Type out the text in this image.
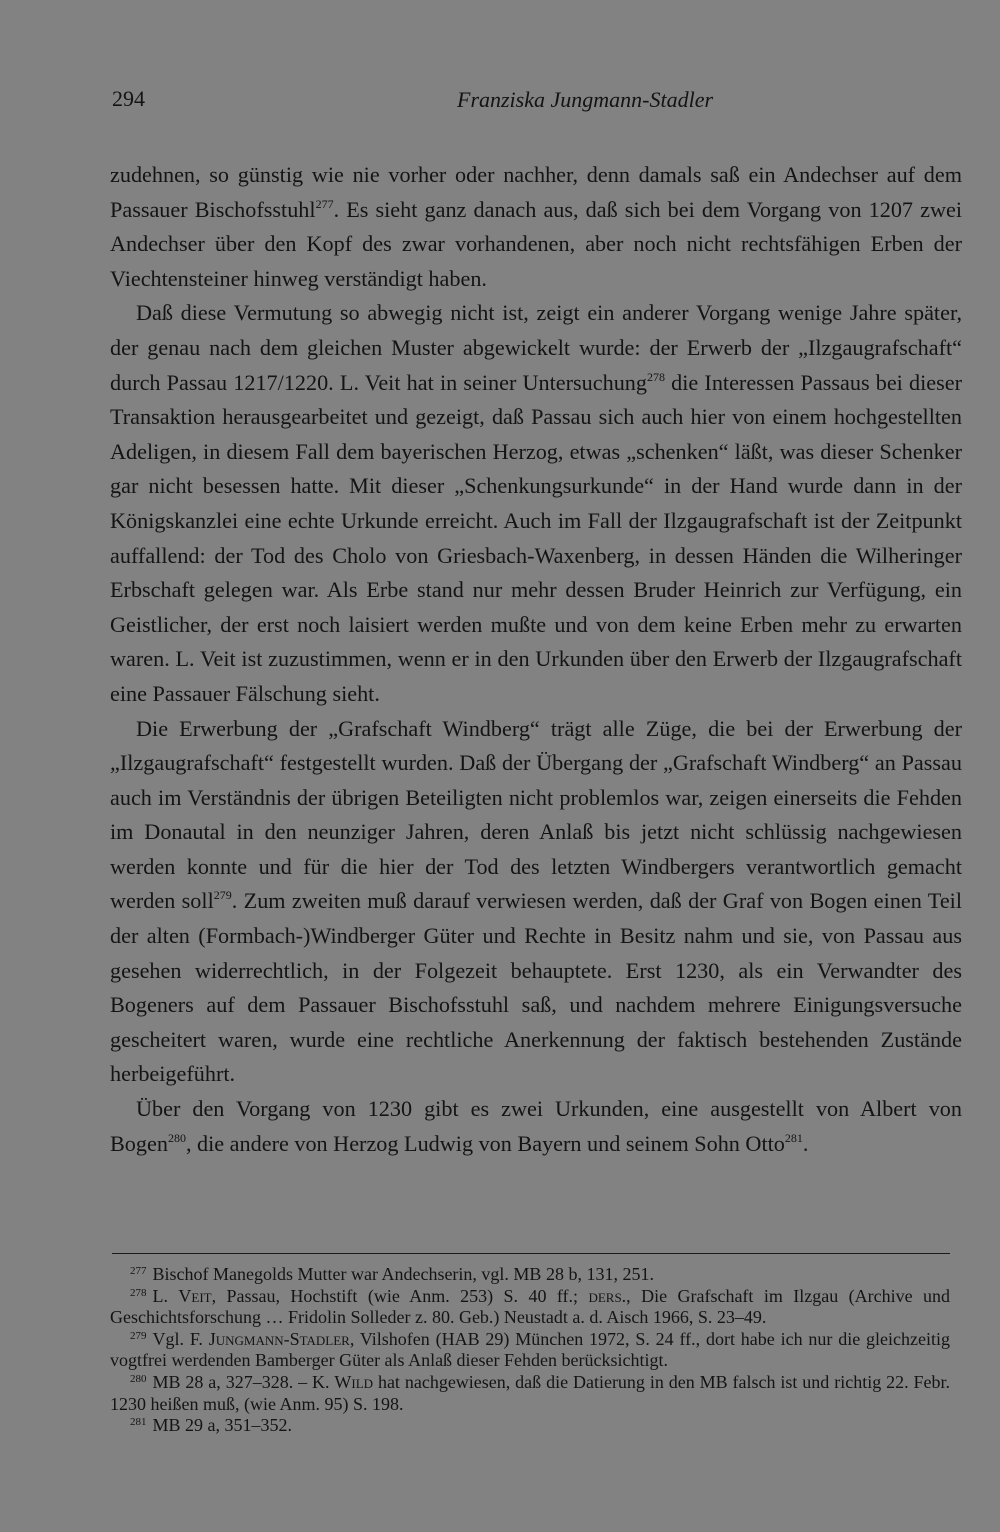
294	Franziska Jungmann-Stadler

zudehnen, so günstig wie nie vorher oder nachher, denn damals saß ein Andechser auf dem Passauer Bischofsstuhl$^{277}$. Es sieht ganz danach aus, daß sich bei dem Vorgang von 1207 zwei Andechser über den Kopf des zwar vorhandenen, aber noch nicht rechtsfähigen Erben der Viechtensteiner hinweg verständigt haben.

Daß diese Vermutung so abwegig nicht ist, zeigt ein anderer Vorgang wenige Jahre später, der genau nach dem gleichen Muster abgewickelt wurde: der Erwerb der „Ilzgaugrafschaft“ durch Passau 1217/1220. L. Veit hat in seiner Untersuchung$^{278}$ die Interessen Passaus bei dieser Transaktion herausgearbeitet und gezeigt, daß Passau sich auch hier von einem hochgestellten Adeligen, in diesem Fall dem bayerischen Herzog, etwas „schenken“ läßt, was dieser Schenker gar nicht besessen hatte. Mit dieser „Schenkungsurkunde“ in der Hand wurde dann in der Königskanzlei eine echte Urkunde erreicht. Auch im Fall der Ilzgaugrafschaft ist der Zeitpunkt auffallend: der Tod des Cholo von Griesbach-Waxenberg, in dessen Händen die Wilheringer Erbschaft gelegen war. Als Erbe stand nur mehr dessen Bruder Heinrich zur Verfügung, ein Geistlicher, der erst noch laisiert werden mußte und von dem keine Erben mehr zu erwarten waren. L. Veit ist zuzustimmen, wenn er in den Urkunden über den Erwerb der Ilzgaugrafschaft eine Passauer Fälschung sieht.

Die Erwerbung der „Grafschaft Windberg“ trägt alle Züge, die bei der Erwerbung der „Ilzgaugrafschaft“ festgestellt wurden. Daß der Übergang der „Grafschaft Windberg“ an Passau auch im Verständnis der übrigen Beteiligten nicht problemlos war, zeigen einerseits die Fehden im Donautal in den neunziger Jahren, deren Anlaß bis jetzt nicht schlüssig nachgewiesen werden konnte und für die hier der Tod des letzten Windbergers verantwortlich gemacht werden soll$^{279}$. Zum zweiten muß darauf verwiesen werden, daß der Graf von Bogen einen Teil der alten (Formbach-)Windberger Güter und Rechte in Besitz nahm und sie, von Passau aus gesehen widerrechtlich, in der Folgezeit behauptete. Erst 1230, als ein Verwandter des Bogeners auf dem Passauer Bischofsstuhl saß, und nachdem mehrere Einigungsversuche gescheitert waren, wurde eine rechtliche Anerkennung der faktisch bestehenden Zustände herbeigeführt.

Über den Vorgang von 1230 gibt es zwei Urkunden, eine ausgestellt von Albert von Bogen$^{280}$, die andere von Herzog Ludwig von Bayern und seinem Sohn Otto$^{281}$.

$^{277}$ Bischof Manegolds Mutter war Andechserin, vgl. MB 28 b, 131, 251.

$^{278}$ L. Veit, Passau, Hochstift (wie Anm. 253) S. 40 ff.; ders., Die Grafschaft im Ilzgau (Archive und Geschichtsforschung … Fridolin Solleder z. 80. Geb.) Neustadt a. d. Aisch 1966, S. 23–49.

$^{279}$ Vgl. F. Jungmann-Stadler, Vilshofen (HAB 29) München 1972, S. 24 ff., dort habe ich nur die gleichzeitig vogtfrei werdenden Bamberger Güter als Anlaß dieser Fehden berücksichtigt.

$^{280}$ MB 28 a, 327–328. – K. Wild hat nachgewiesen, daß die Datierung in den MB falsch ist und richtig 22. Febr. 1230 heißen muß, (wie Anm. 95) S. 198.

$^{281}$ MB 29 a, 351–352.
